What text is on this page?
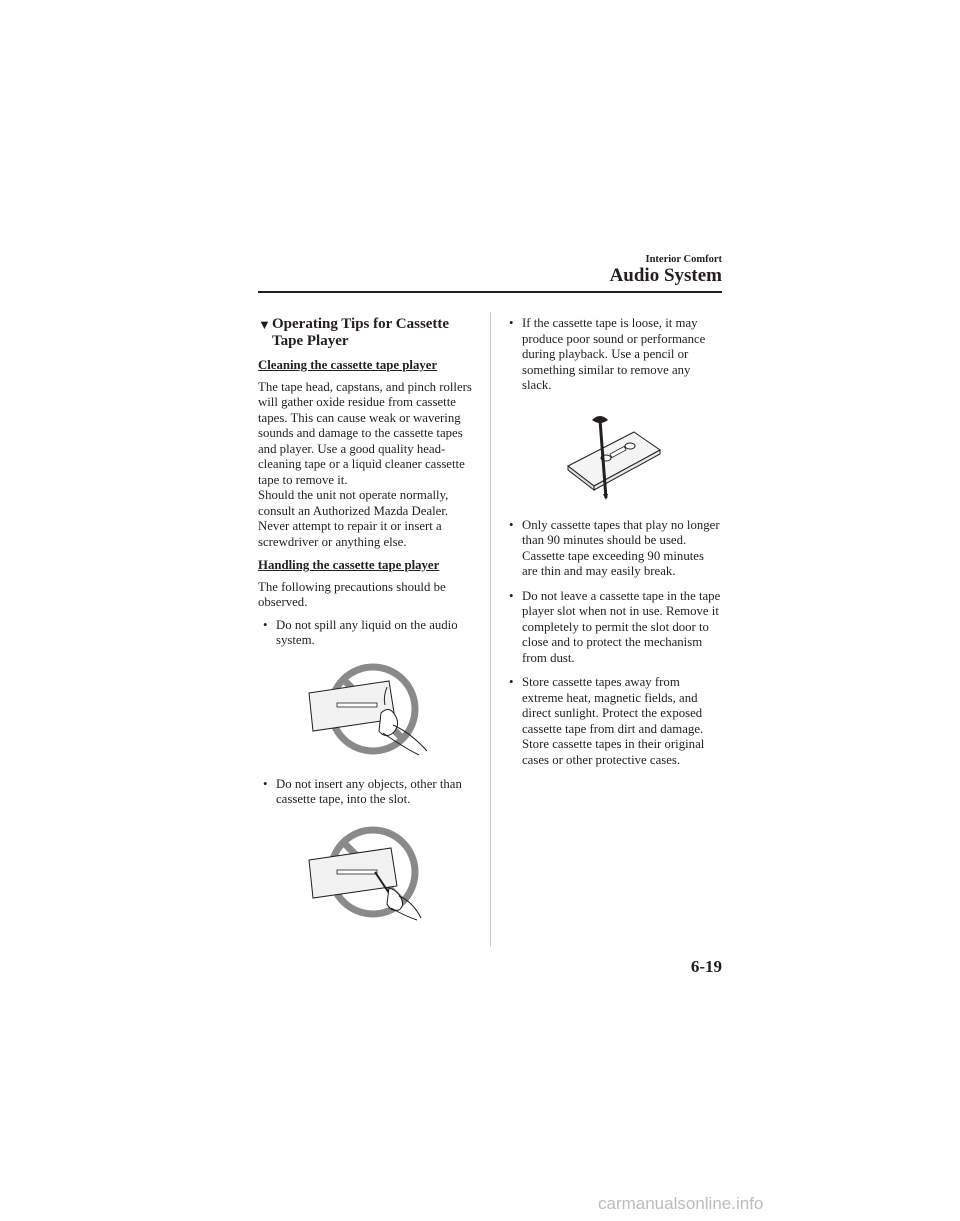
Interior Comfort
Audio System
▼ Operating Tips for Cassette Tape Player
Cleaning the cassette tape player

The tape head, capstans, and pinch rollers will gather oxide residue from cassette tapes. This can cause weak or wavering sounds and damage to the cassette tapes and player. Use a good quality head-cleaning tape or a liquid cleaner cassette tape to remove it.

Should the unit not operate normally, consult an Authorized Mazda Dealer. Never attempt to repair it or insert a screwdriver or anything else.

Handling the cassette tape player

The following precautions should be observed.

• Do not spill any liquid on the audio system.
• Do not insert any objects, other than cassette tape, into the slot.
• If the cassette tape is loose, it may produce poor sound or performance during playback. Use a pencil or something similar to remove any slack.
• Only cassette tapes that play no longer than 90 minutes should be used. Cassette tape exceeding 90 minutes are thin and may easily break.
• Do not leave a cassette tape in the tape player slot when not in use. Remove it completely to permit the slot door to close and to protect the mechanism from dust.
• Store cassette tapes away from extreme heat, magnetic fields, and direct sunlight. Protect the exposed cassette tape from dirt and damage. Store cassette tapes in their original cases or other protective cases.
6-19
carmanualsonline.info
